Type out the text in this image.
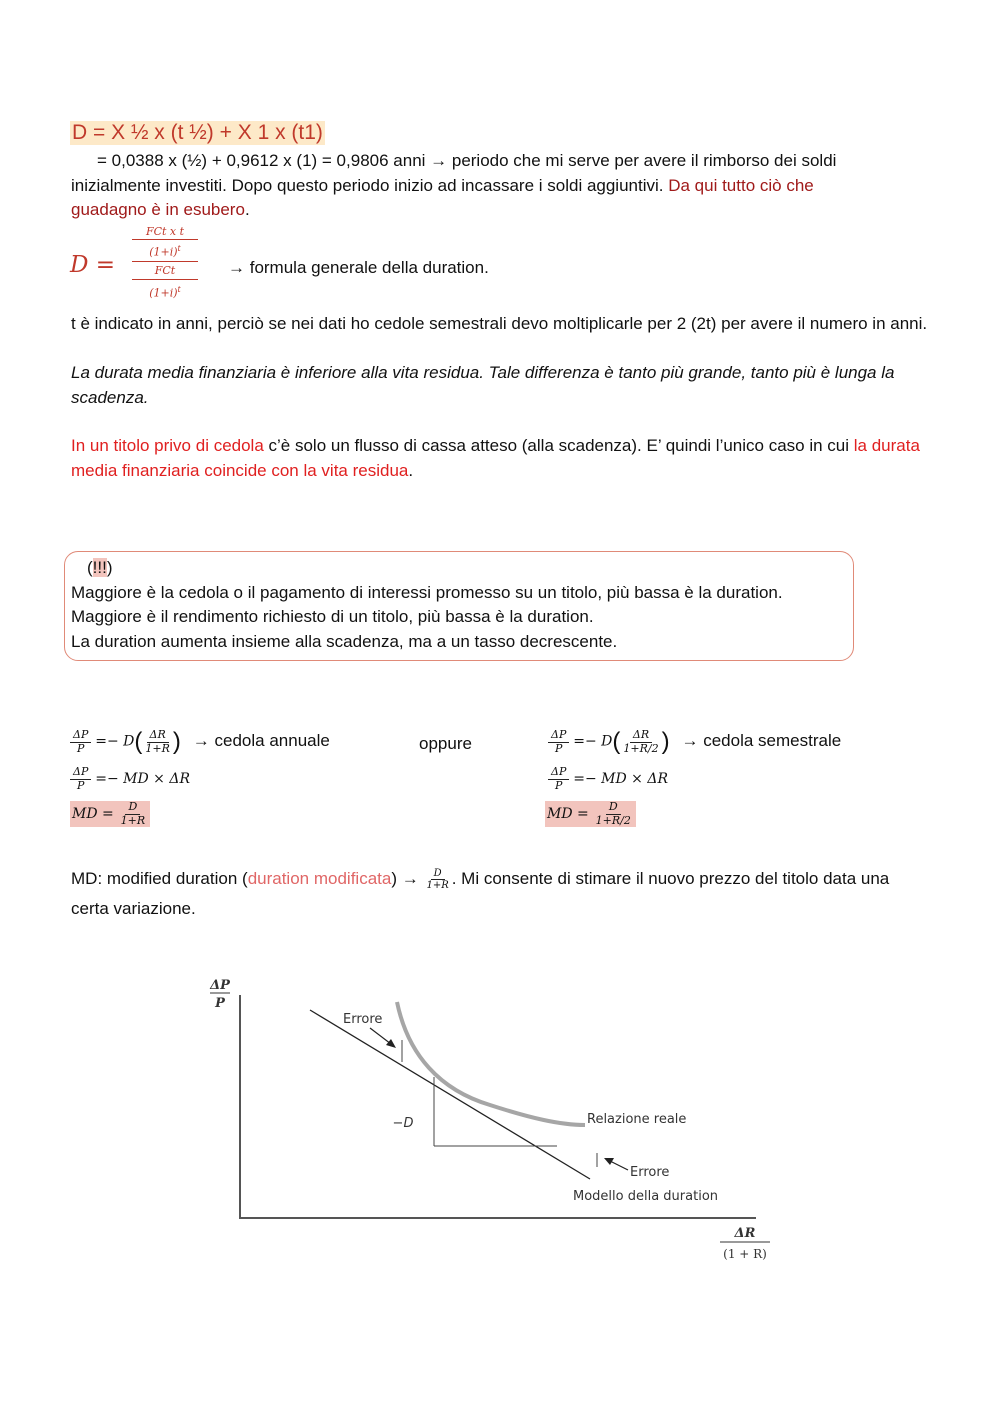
D = X ½ x (t ½) + X 1 x (t1)
= 0,0388 x (½) + 0,9612 x (1) = 0,9806 anni → periodo che mi serve per avere il rimborso dei soldi
inizialmente investiti. Dopo questo periodo inizio ad incassare i soldi aggiuntivi. Da qui tutto ciò che
guadagno è in esubero.
D =
FCt x t
$(1+i)^t$
FCt
$(1+i)^t$
→ formula generale della duration.
t è indicato in anni, perciò se nei dati ho cedole semestrali devo moltiplicarle per 2 (2t) per avere il numero in anni.
La durata media finanziaria è inferiore alla vita residua. Tale differenza è tanto più grande, tanto più è lunga la scadenza.
In un titolo privo di cedola c’è solo un flusso di cassa atteso (alla scadenza). E’ quindi l’unico caso in cui la durata media finanziaria coincide con la vita residua.
(!!!)
Maggiore è la cedola o il pagamento di interessi promesso su un titolo, più bassa è la duration.
Maggiore è il rendimento richiesto di un titolo, più bassa è la duration.
La duration aumenta insieme alla scadenza, ma a un tasso decrescente.
$\frac{\Delta P}{P} =- D( \frac{\Delta R}{1+R}$ ) → cedola annuale
$\frac{\Delta P}{P}$ =− MD × ΔR
MD = $\frac{D}{1+R}$
oppure	$\frac{\Delta P}{P} =- D( \frac{\Delta R}{1+R/2}$ ) → cedola semestrale
$\frac{\Delta P}{P}$ =− MD × ΔR
MD = $\frac{D}{1+R/2}$
MD: modified duration (duration modificata) → $\frac{D}{1+R}$ . Mi consente di stimare il nuovo prezzo del titolo data una certa variazione.
ΔP
P
ΔR
(1 + R)
−D
Errore
Errore
Relazione reale
Modello della duration
